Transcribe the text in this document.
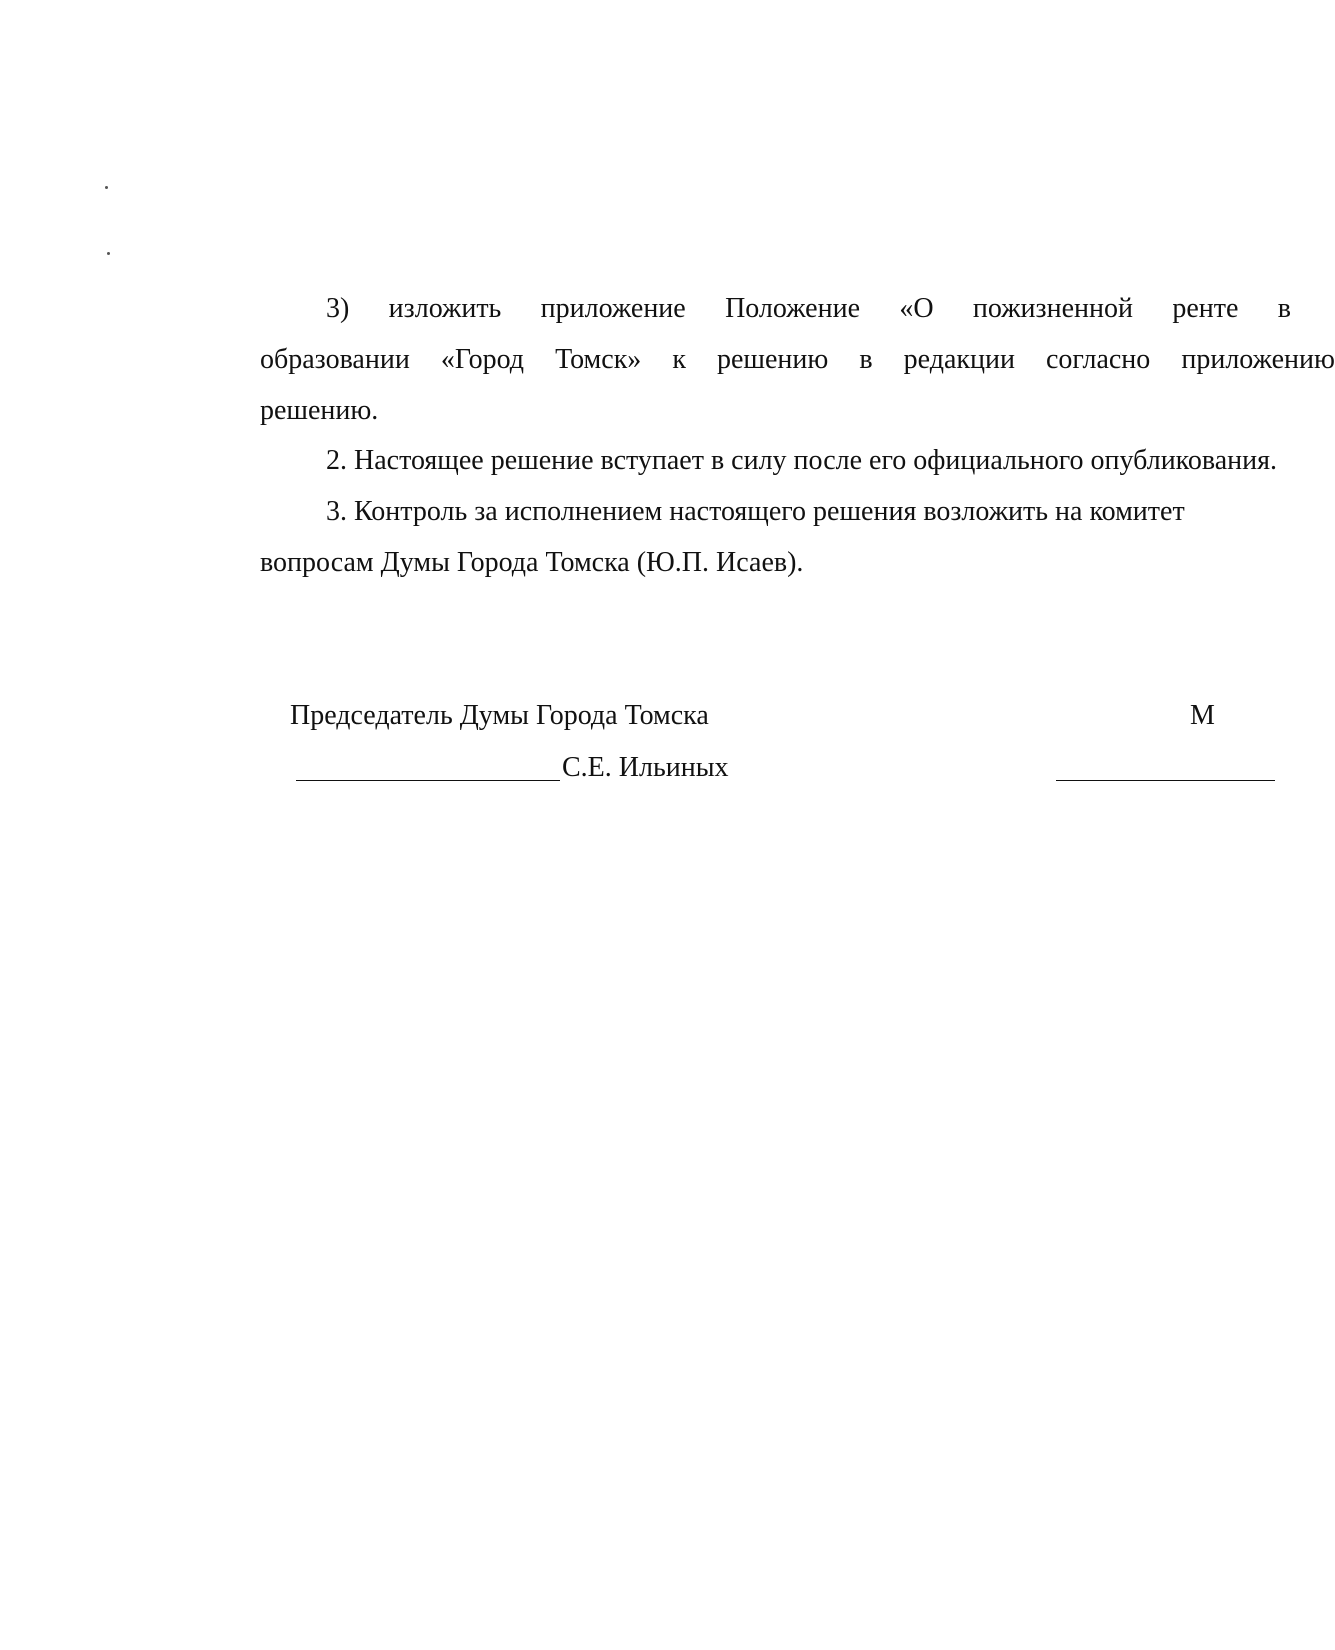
3) изложить приложение Положение «О пожизненной ренте в
образовании «Город Томск» к решению в редакции согласно приложению
решению.
2. Настоящее решение вступает в силу после его официального опубликования.
3. Контроль за исполнением настоящего решения возложить на комитет
вопросам Думы Города Томска (Ю.П. Исаев).
Председатель Думы Города Томска
С.Е. Ильиных
М
